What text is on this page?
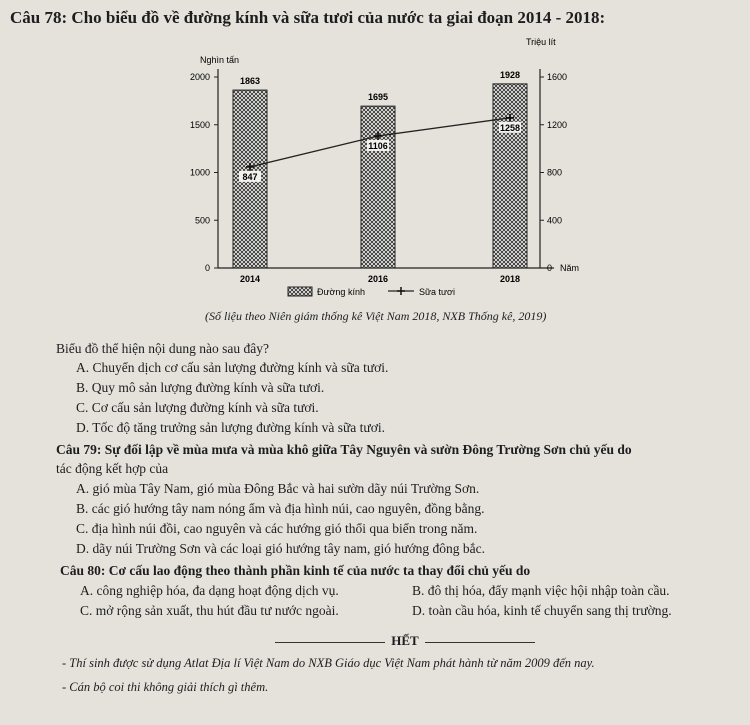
Câu 78: Cho biểu đồ về đường kính và sữa tươi của nước ta giai đoạn 2014 - 2018:
Nghìn tấn
Triệu lít
Năm
0
500
1000
1500
2000
0
400
800
1200
1600
1863
2014
1695
2016
1928
2018
847
1106
1258
Đường kính	Sữa tươi
(Số liệu theo Niên giám thống kê Việt Nam 2018, NXB Thống kê, 2019)
Biểu đồ thể hiện nội dung nào sau đây?
A. Chuyển dịch cơ cấu sản lượng đường kính và sữa tươi.
B. Quy mô sản lượng đường kính và sữa tươi.
C. Cơ cấu sản lượng đường kính và sữa tươi.
D. Tốc độ tăng trưởng sản lượng đường kính và sữa tươi.
Câu 79: Sự đối lập về mùa mưa và mùa khô giữa Tây Nguyên và sườn Đông Trường Sơn chủ yếu do
tác động kết hợp của
A. gió mùa Tây Nam, gió mùa Đông Bắc và hai sườn dãy núi Trường Sơn.
B. các gió hướng tây nam nóng ẩm và địa hình núi, cao nguyên, đồng bằng.
C. địa hình núi đồi, cao nguyên và các hướng gió thổi qua biển trong năm.
D. dãy núi Trường Sơn và các loại gió hướng tây nam, gió hướng đông bắc.
Câu 80: Cơ cấu lao động theo thành phần kinh tế của nước ta thay đổi chủ yếu do
A. công nghiệp hóa, đa dạng hoạt động dịch vụ.	B. đô thị hóa, đẩy mạnh việc hội nhập toàn cầu.
C. mở rộng sản xuất, thu hút đầu tư nước ngoài.	D. toàn cầu hóa, kinh tế chuyển sang thị trường.
HẾT
- Thí sinh được sử dụng Atlat Địa lí Việt Nam do NXB Giáo dục Việt Nam phát hành từ năm 2009 đến nay.
- Cán bộ coi thi không giải thích gì thêm.
